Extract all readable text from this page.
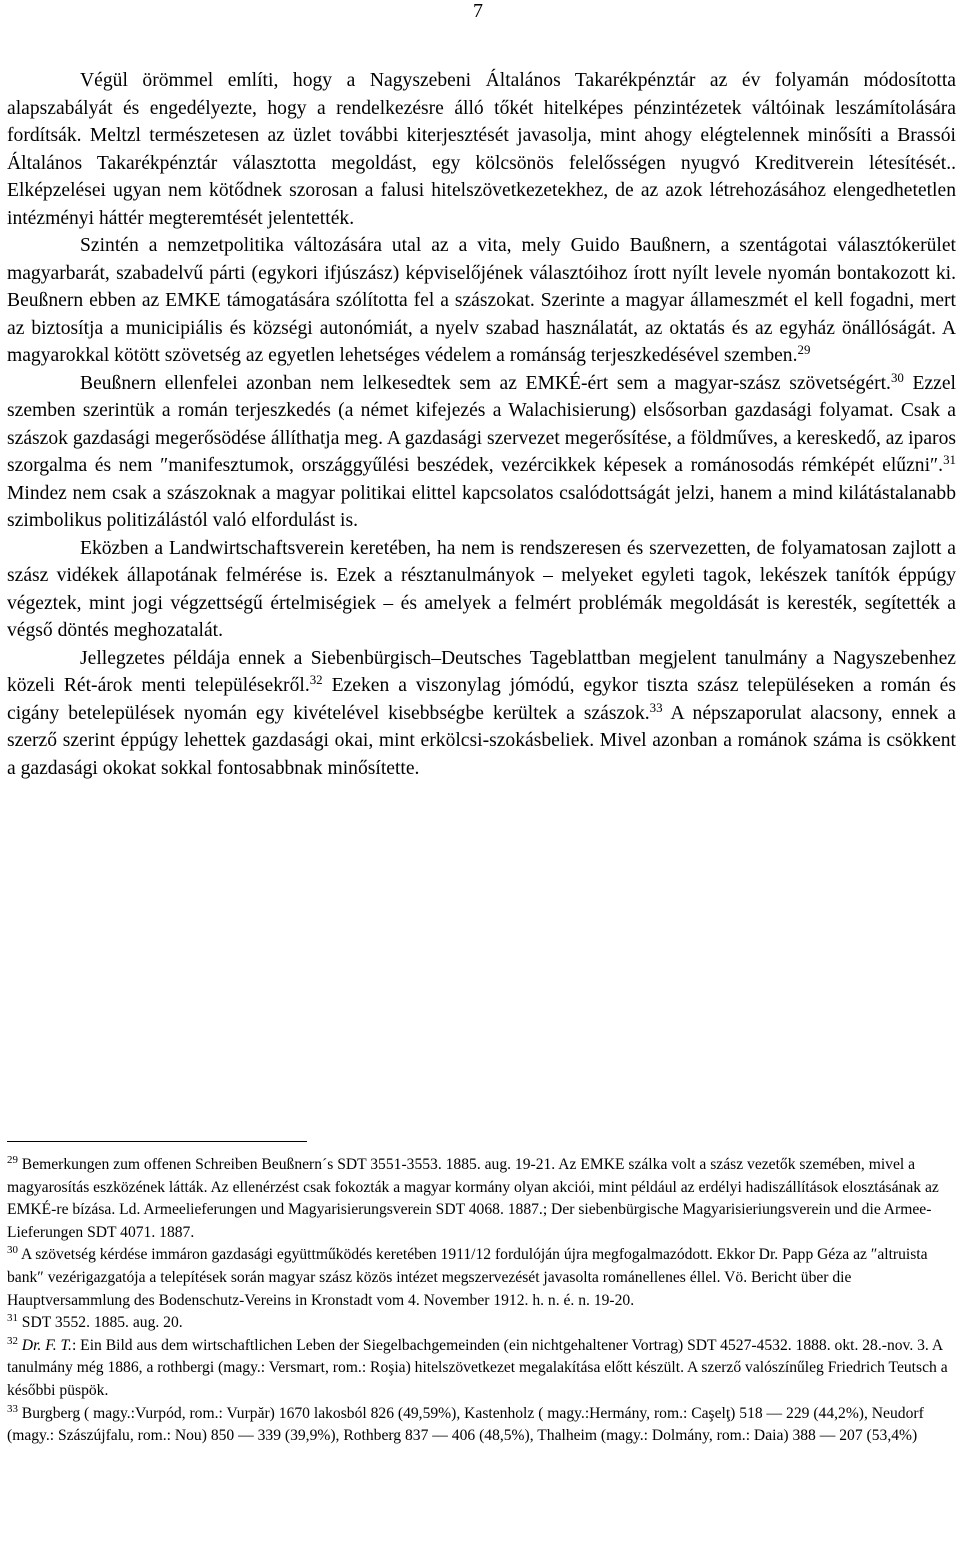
7

Végül örömmel említi, hogy a Nagyszebeni Általános Takarékpénztár az év folyamán módosította alapszabályát és engedélyezte, hogy a rendelkezésre álló tőkét hitelképes pénzintézetek váltóinak leszámítolására fordítsák. Meltzl természetesen az üzlet további kiterjesztését javasolja, mint ahogy elégtelennek minősíti a Brassói Általános Takarékpénztár választotta megoldást, egy kölcsönös felelősségen nyugvó Kreditverein létesítését.. Elképzelései ugyan nem kötődnek szorosan a falusi hitelszövetkezetekhez, de az azok létrehozásához elengedhetetlen intézményi háttér megteremtését jelentették.

Szintén a nemzetpolitika változására utal az a vita, mely Guido Baußnern, a szentágotai választókerület magyarbarát, szabadelvű párti (egykori ifjúszász) képviselőjének választóihoz írott nyílt levele nyomán bontakozott ki. Beußnern ebben az EMKE támogatására szólította fel a szászokat. Szerinte a magyar állameszmét el kell fogadni, mert az biztosítja a municipiális és községi autonómiát, a nyelv szabad használatát, az oktatás és az egyház önállóságát. A magyarokkal kötött szövetség az egyetlen lehetséges védelem a románság terjeszkedésével szemben.$^{29}$

Beußnern ellenfelei azonban nem lelkesedtek sem az EMKÉ-ért sem a magyar-szász szövetségért.$^{30}$ Ezzel szemben szerintük a román terjeszkedés (a német kifejezés a Walachisierung) elsősorban gazdasági folyamat. Csak a szászok gazdasági megerősödése állíthatja meg. A gazdasági szervezet megerősítése, a földműves, a kereskedő, az iparos szorgalma és nem ″manifesztumok, országgyűlési beszédek, vezércikkek képesek a románosodás rémképét elűzni″.$^{31}$ Mindez nem csak a szászoknak a magyar politikai elittel kapcsolatos csalódottságát jelzi, hanem a mind kilátástalanabb szimbolikus politizálástól való elfordulást is.

Eközben a Landwirtschaftsverein keretében, ha nem is rendszeresen és szervezetten, de folyamatosan zajlott a szász vidékek állapotának felmérése is. Ezek a résztanulmányok – melyeket egyleti tagok, lekészek tanítók éppúgy végeztek, mint jogi végzettségű értelmiségiek – és amelyek a felmért problémák megoldását is keresték, segítették a végső döntés meghozatalát.

Jellegzetes példája ennek a Siebenbürgisch–Deutsches Tageblattban megjelent tanulmány a Nagyszebenhez közeli Rét-árok menti településekről.$^{32}$ Ezeken a viszonylag jómódú, egykor tiszta szász településeken a román és cigány betelepülések nyomán egy kivételével kisebbségbe kerültek a szászok.$^{33}$ A népszaporulat alacsony, ennek a szerző szerint éppúgy lehettek gazdasági okai, mint erkölcsi-szokásbeliek. Mivel azonban a románok száma is csökkent a gazdasági okokat sokkal fontosabbnak minősítette.

$^{29}$ Bemerkungen zum offenen Schreiben Beußnern´s SDT 3551-3553. 1885. aug. 19-21. Az EMKE szálka volt a szász vezetők szemében, mivel a magyarosítás eszközének látták. Az ellenérzést csak fokozták a magyar kormány olyan akciói, mint például az erdélyi hadiszállítások elosztásának az EMKÉ-re bízása. Ld. Armeelieferungen und Magyarisierungsverein SDT 4068. 1887.; Der siebenbürgische Magyarisieriungsverein und die Armee-Lieferungen SDT 4071. 1887.

$^{30}$ A szövetség kérdése immáron gazdasági együttműködés keretében 1911/12 fordulóján újra megfogalmazódott. Ekkor Dr. Papp Géza az ″altruista bank″ vezérigazgatója a telepítések során magyar szász közös intézet megszervezését javasolta románellenes éllel. Vö. Bericht über die Hauptversammlung des Bodenschutz-Vereins in Kronstadt vom 4. November 1912. h. n. é. n. 19-20.

$^{31}$ SDT 3552. 1885. aug. 20.

$^{32}$ Dr. F. T.: Ein Bild aus dem wirtschaftlichen Leben der Siegelbachgemeinden (ein nichtgehaltener Vortrag) SDT 4527-4532. 1888. okt. 28.-nov. 3. A tanulmány még 1886, a rothbergi (magy.: Versmart, rom.: Roşia) hitelszövetkezet megalakítása előtt készült. A szerző valószínűleg Friedrich Teutsch a későbbi püspök.

$^{33}$ Burgberg ( magy.:Vurpód, rom.: Vurpăr) 1670 lakosból 826 (49,59%), Kastenholz ( magy.:Hermány, rom.: Caşelţ) 518 — 229 (44,2%), Neudorf (magy.: Szászújfalu, rom.: Nou) 850 — 339 (39,9%), Rothberg 837 — 406 (48,5%), Thalheim (magy.: Dolmány, rom.: Daia) 388 — 207 (53,4%)
